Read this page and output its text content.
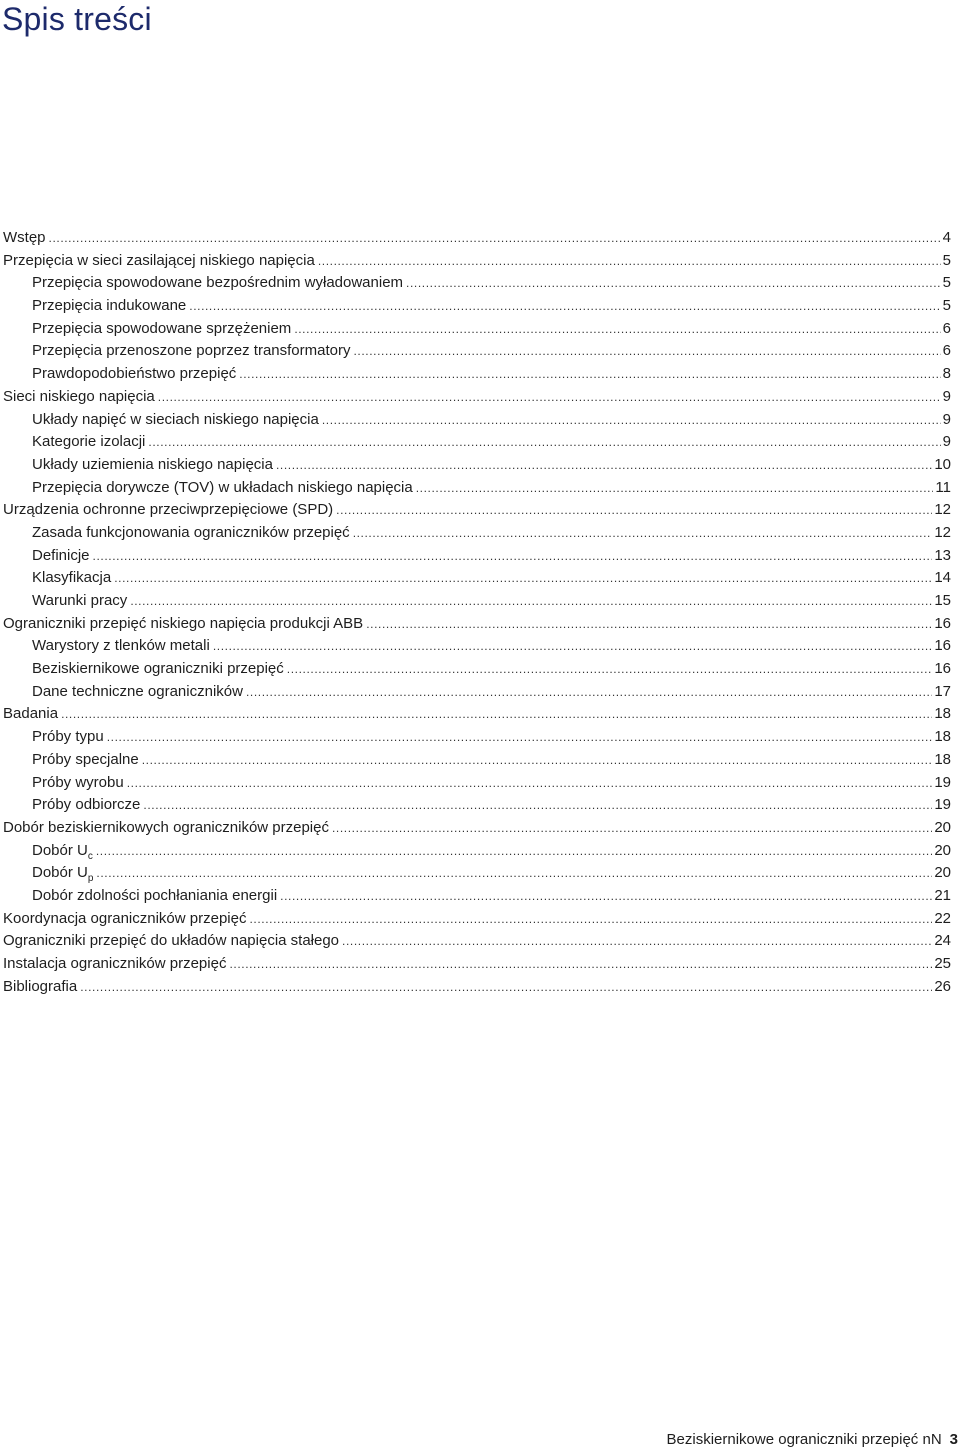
Spis treści
Wstęp .....	4
Przepięcia w sieci zasilającej niskiego napięcia .....	5
Przepięcia spowodowane bezpośrednim wyładowaniem .....	5
Przepięcia indukowane .....	5
Przepięcia spowodowane sprzężeniem .....	6
Przepięcia przenoszone poprzez transformatory .....	6
Prawdopodobieństwo przepięć .....	8
Sieci niskiego napięcia .....	9
Układy napięć w sieciach niskiego napięcia .....	9
Kategorie izolacji .....	9
Układy uziemienia niskiego napięcia .....	10
Przepięcia dorywcze (TOV) w układach niskiego napięcia .....	11
Urządzenia ochronne przeciwprzepięciowe (SPD) .....	12
Zasada funkcjonowania ograniczników przepięć .....	12
Definicje .....	13
Klasyfikacja .....	14
Warunki pracy .....	15
Ograniczniki przepięć niskiego napięcia produkcji ABB .....	16
Warystory z tlenków metali .....	16
Beziskiernikowe ograniczniki przepięć .....	16
Dane techniczne ograniczników .....	17
Badania .....	18
Próby typu .....	18
Próby specjalne .....	18
Próby wyrobu .....	19
Próby odbiorcze .....	19
Dobór beziskiernikowych ograniczników przepięć .....	20
Dobór $U_c$ .....	20
Dobór $U_p$ .....	20
Dobór zdolności pochłaniania energii .....	21
Koordynacja ograniczników przepięć .....	22
Ograniczniki przepięć do układów napięcia stałego .....	24
Instalacja ograniczników przepięć .....	25
Bibliografia .....	26
Beziskiernikowe ograniczniki przepięć nN 3
